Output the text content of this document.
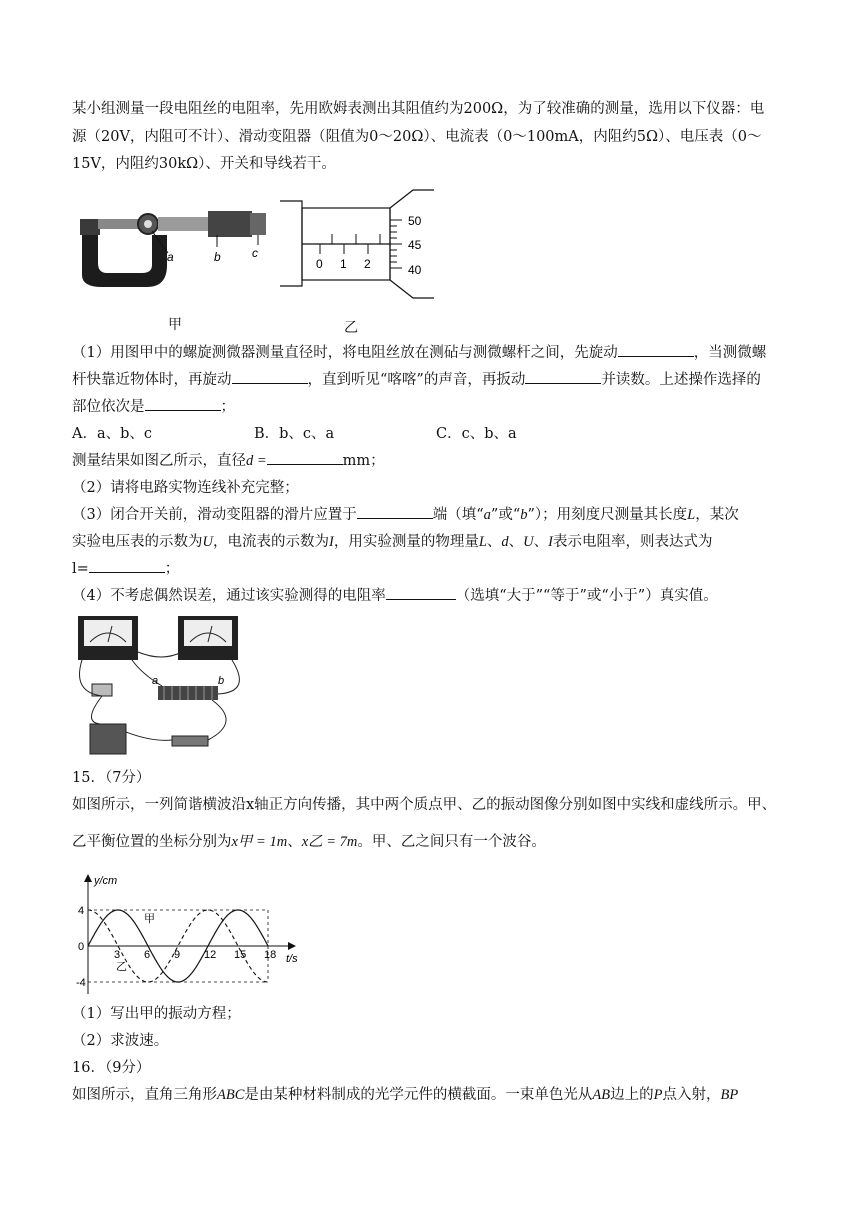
某小组测量一段电阻丝的电阻率，先用欧姆表测出其阻值约为200Ω，为了较准确的测量，选用以下仪器：电
源（20V，内阻可不计）、滑动变阻器（阻值为0～20Ω）、电流表（0～100mA，内阻约5Ω）、电压表（0～
15V，内阻约30kΩ）、开关和导线若干。
a	b	c
甲
0 1 2
50
45
40
乙
（1）用图甲中的螺旋测微器测量直径时，将电阻丝放在测砧与测微螺杆之间，先旋动	，当测微螺
杆快靠近物体时，再旋动	，直到听见“喀喀”的声音，再扳动	并读数。上述操作选择的
部位依次是	；
A．a、b、c	B．b、c、a	C．c、b、a
测量结果如图乙所示，直径d =	mm；
（2）请将电路实物连线补充完整；
（3）闭合开关前，滑动变阻器的滑片应置于	端（填“a”或“b”）；用刻度尺测量其长度L，某次
实验电压表的示数为U，电流表的示数为I，用实验测量的物理量L、d、U、I表示电阻率，则表达式为
l=	；
（4）不考虑偶然误差，通过该实验测得的电阻率	（选填“大于”“等于”或“小于”）真实值。
a	b
15．（7分）
如图所示，一列简谐横波沿x轴正方向传播，其中两个质点甲、乙的振动图像分别如图中实线和虚线所示。甲、
乙平衡位置的坐标分别为x甲 = 1m、x乙 = 7m。甲、乙之间只有一个波谷。
y/cm
t/s
3 6 9 12 15 18
4
0
-4
甲
乙
（1）写出甲的振动方程；
（2）求波速。
16．（9分）
如图所示，直角三角形ABC是由某种材料制成的光学元件的横截面。一束单色光从AB边上的P点入射，BP
